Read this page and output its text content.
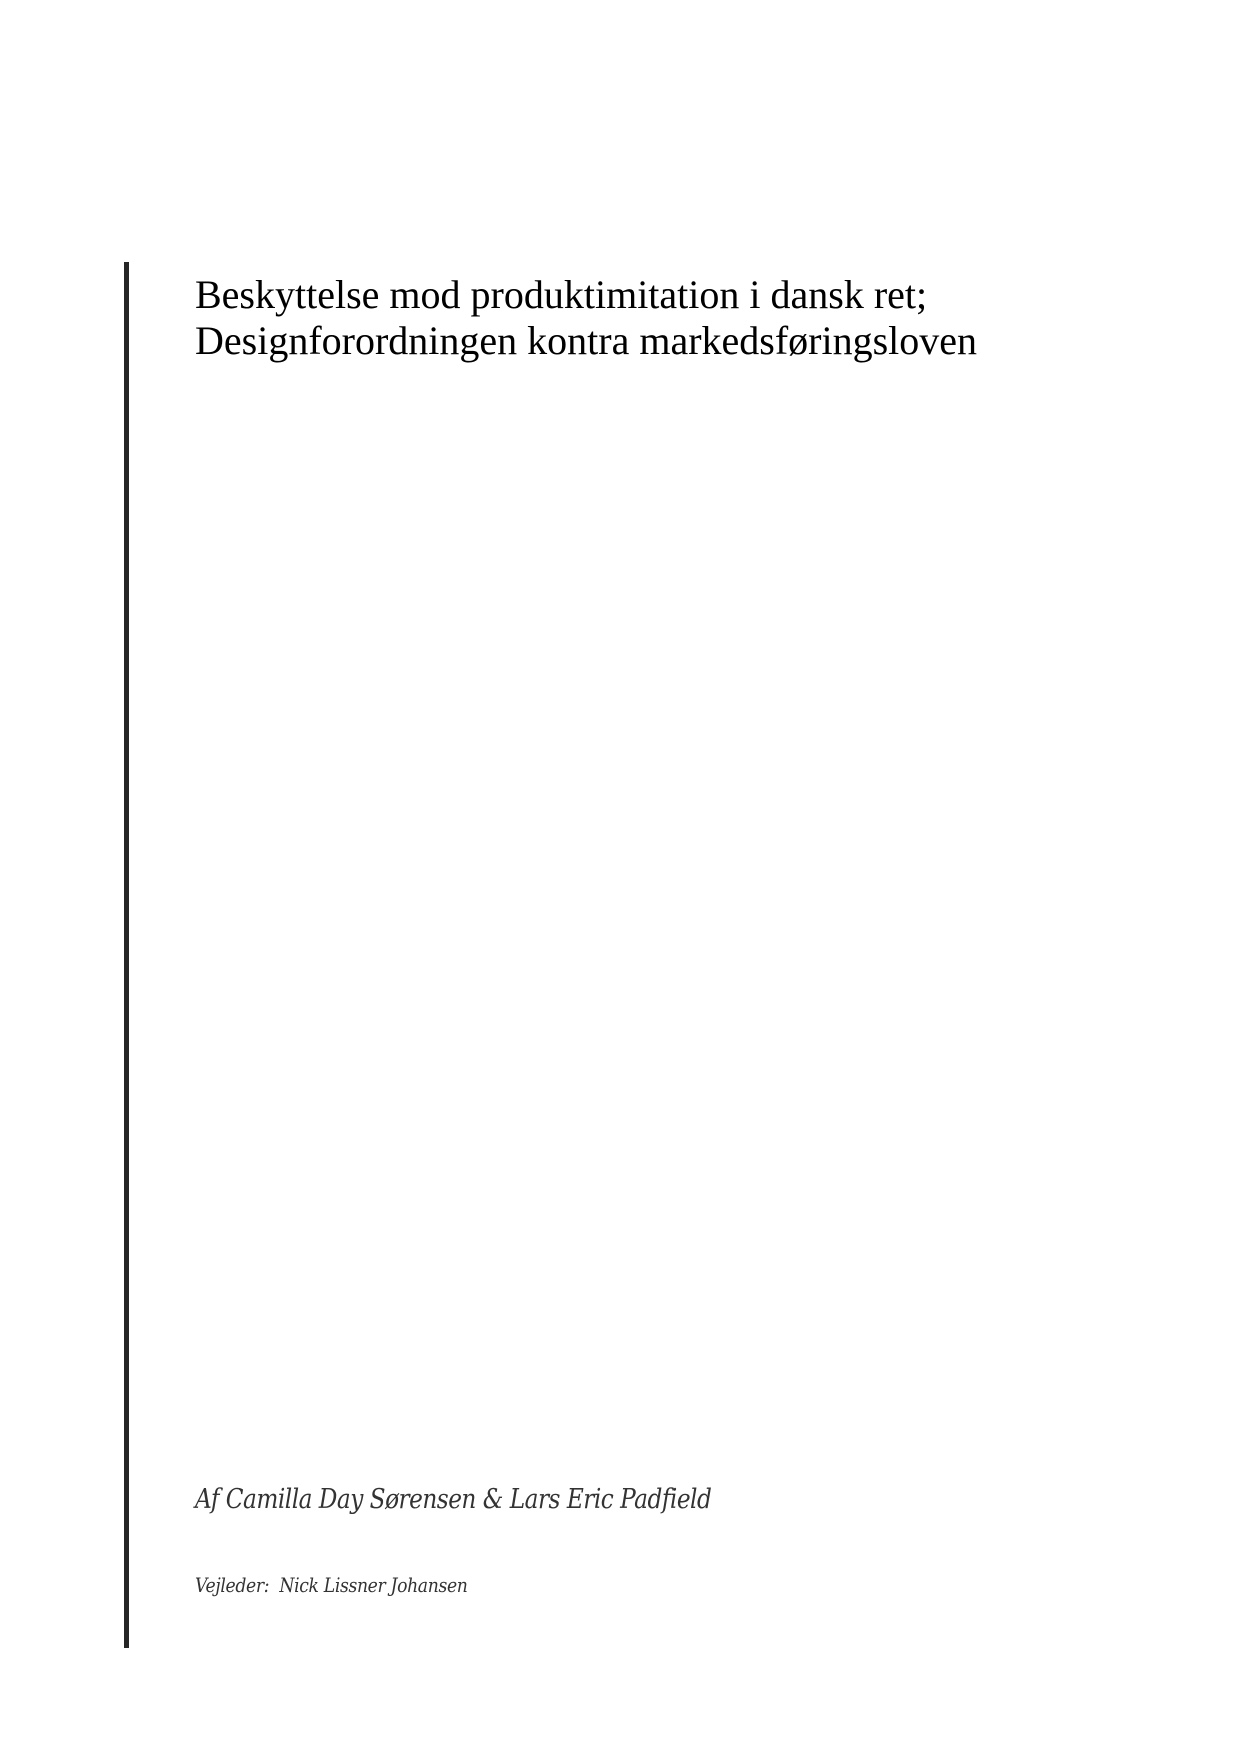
Beskyttelse mod produktimitation i dansk ret;
Designforordningen kontra markedsføringsloven

Af Camilla Day Sørensen & Lars Eric Padfield

Vejleder:  Nick Lissner Johansen
